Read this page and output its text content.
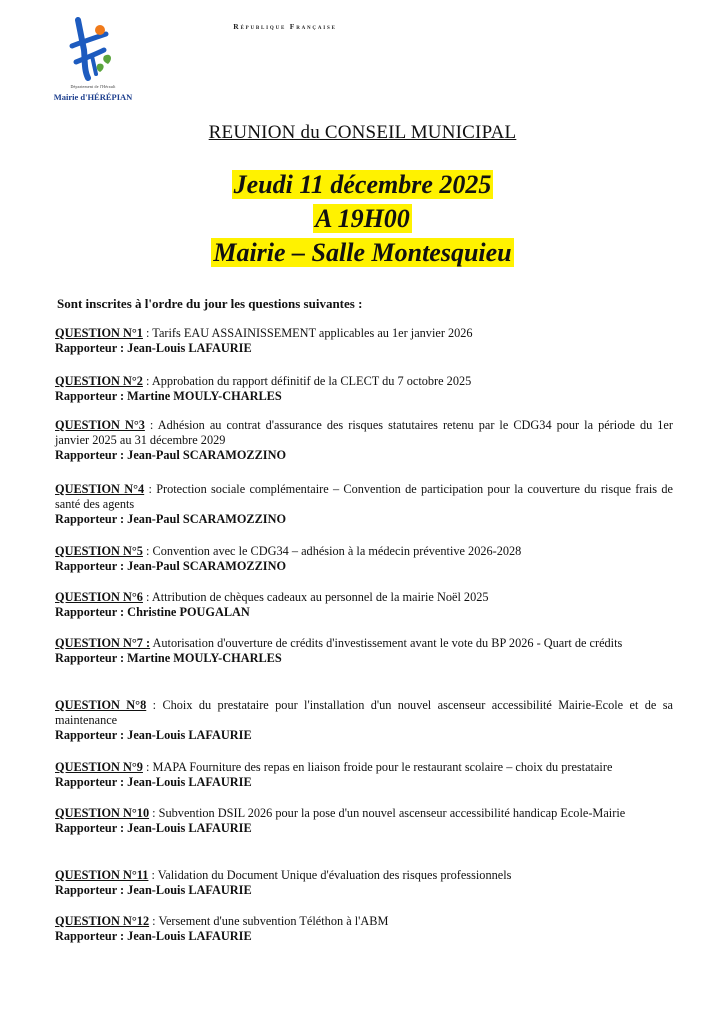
Département de l'Hérault
Mairie d'HÉRÉPIAN
République Française
REUNION du CONSEIL MUNICIPAL
Jeudi 11 décembre 2025
A 19H00
Mairie – Salle Montesquieu
Sont inscrites à l'ordre du jour les questions suivantes :
QUESTION N°1 : Tarifs EAU ASSAINISSEMENT applicables au 1er janvier 2026
Rapporteur : Jean-Louis LAFAURIE
QUESTION N°2 : Approbation du rapport définitif de la CLECT du 7 octobre 2025
Rapporteur : Martine MOULY-CHARLES
QUESTION N°3 : Adhésion au contrat d'assurance des risques statutaires retenu par le CDG34 pour la période du 1er janvier 2025 au 31 décembre 2029
Rapporteur : Jean-Paul SCARAMOZZINO
QUESTION N°4 : Protection sociale complémentaire – Convention de participation pour la couverture du risque frais de santé des agents
Rapporteur : Jean-Paul SCARAMOZZINO
QUESTION N°5 : Convention avec le CDG34 – adhésion à la médecin préventive 2026-2028
Rapporteur : Jean-Paul SCARAMOZZINO
QUESTION N°6 : Attribution de chèques cadeaux au personnel de la mairie Noël 2025
Rapporteur : Christine POUGALAN
QUESTION N°7 : Autorisation d'ouverture de crédits d'investissement avant le vote du BP 2026 - Quart de crédits
Rapporteur : Martine MOULY-CHARLES
QUESTION N°8 : Choix du prestataire pour l'installation d'un nouvel ascenseur accessibilité Mairie-Ecole et de sa maintenance
Rapporteur : Jean-Louis LAFAURIE
QUESTION N°9 : MAPA Fourniture des repas en liaison froide pour le restaurant scolaire – choix du prestataire
Rapporteur : Jean-Louis LAFAURIE
QUESTION N°10 : Subvention DSIL 2026 pour la pose d'un nouvel ascenseur accessibilité handicap Ecole-Mairie
Rapporteur : Jean-Louis LAFAURIE
QUESTION N°11 : Validation du Document Unique d'évaluation des risques professionnels
Rapporteur : Jean-Louis LAFAURIE
QUESTION N°12 : Versement d'une subvention Téléthon à l'ABM
Rapporteur : Jean-Louis LAFAURIE
